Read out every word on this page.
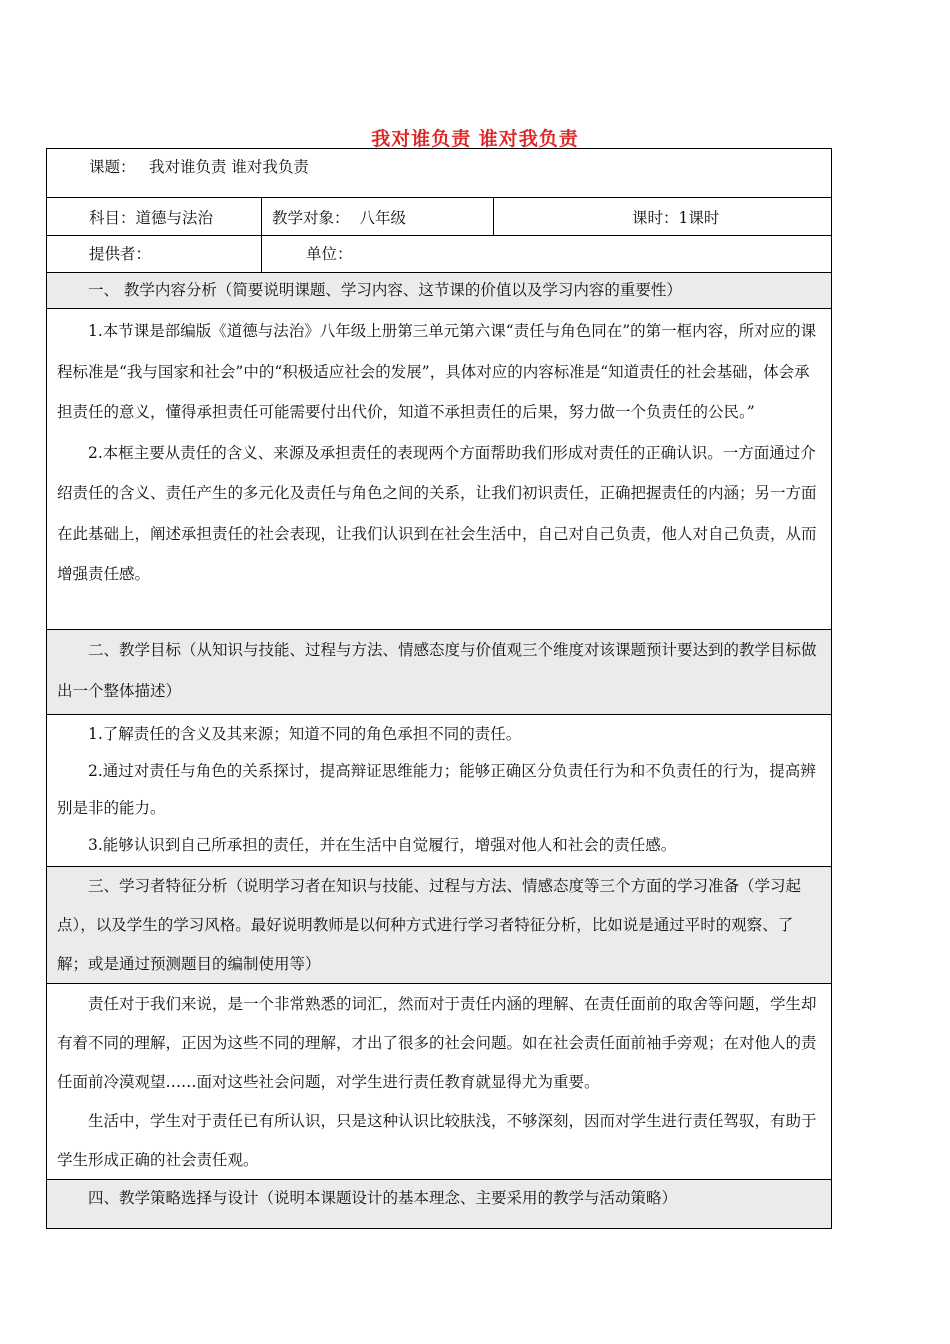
我对谁负责 谁对我负责
课题： 我对谁负责 谁对我负责
科目：道德与法治	教学对象： 八年级	课时：1课时
提供者：	单位：

一、 教学内容分析（简要说明课题、学习内容、这节课的价值以及学习内容的重要性）

1.本节课是部编版《道德与法治》八年级上册第三单元第六课“责任与角色同在”的第一框内容，所对应的课程标准是“我与国家和社会”中的“积极适应社会的发展”，具体对应的内容标准是“知道责任的社会基础，体会承担责任的意义，懂得承担责任可能需要付出代价，知道不承担责任的后果，努力做一个负责任的公民。”

2.本框主要从责任的含义、来源及承担责任的表现两个方面帮助我们形成对责任的正确认识。一方面通过介绍责任的含义、责任产生的多元化及责任与角色之间的关系，让我们初识责任，正确把握责任的内涵；另一方面在此基础上，阐述承担责任的社会表现，让我们认识到在社会生活中，自己对自己负责，他人对自己负责，从而增强责任感。

二、教学目标（从知识与技能、过程与方法、情感态度与价值观三个维度对该课题预计要达到的教学目标做出一个整体描述）

1.了解责任的含义及其来源；知道不同的角色承担不同的责任。

2.通过对责任与角色的关系探讨，提高辩证思维能力；能够正确区分负责任行为和不负责任的行为，提高辨别是非的能力。

3.能够认识到自己所承担的责任，并在生活中自觉履行，增强对他人和社会的责任感。

三、学习者特征分析（说明学习者在知识与技能、过程与方法、情感态度等三个方面的学习准备（学习起点），以及学生的学习风格。最好说明教师是以何种方式进行学习者特征分析，比如说是通过平时的观察、了解；或是通过预测题目的编制使用等）

责任对于我们来说，是一个非常熟悉的词汇，然而对于责任内涵的理解、在责任面前的取舍等问题，学生却有着不同的理解，正因为这些不同的理解，才出了很多的社会问题。如在社会责任面前袖手旁观；在对他人的责任面前冷漠观望……面对这些社会问题，对学生进行责任教育就显得尤为重要。

生活中，学生对于责任已有所认识，只是这种认识比较肤浅，不够深刻，因而对学生进行责任驾驭，有助于学生形成正确的社会责任观。

四、教学策略选择与设计（说明本课题设计的基本理念、主要采用的教学与活动策略）
